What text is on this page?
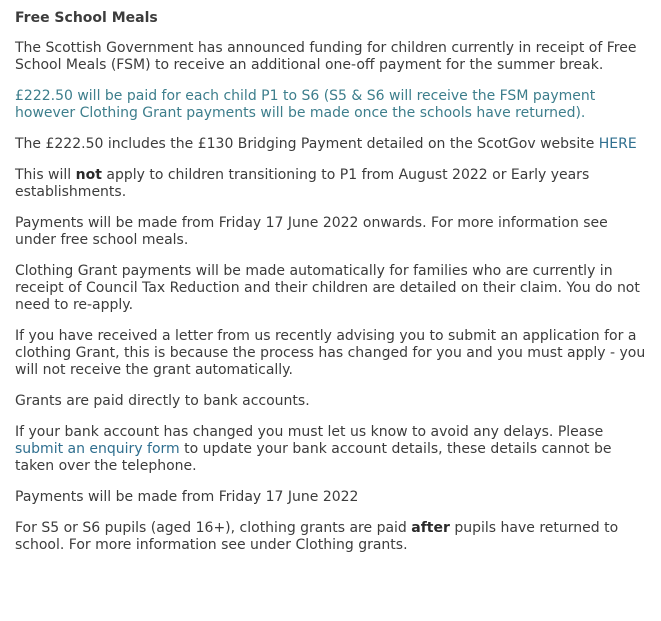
Free School Meals

The Scottish Government has announced funding for children currently in receipt of Free School Meals (FSM) to receive an additional one-off payment for the summer break.

£222.50 will be paid for each child P1 to S6 (S5 & S6 will receive the FSM payment however Clothing Grant payments will be made once the schools have returned).

The £222.50 includes the £130 Bridging Payment detailed on the ScotGov website HERE

This will not apply to children transitioning to P1 from August 2022 or Early years establishments.

Payments will be made from Friday 17 June 2022 onwards. For more information see under free school meals.

Clothing Grant payments will be made automatically for families who are currently in receipt of Council Tax Reduction and their children are detailed on their claim. You do not need to re-apply.

If you have received a letter from us recently advising you to submit an application for a clothing Grant, this is because the process has changed for you and you must apply - you will not receive the grant automatically.

Grants are paid directly to bank accounts.

If your bank account has changed you must let us know to avoid any delays. Please submit an enquiry form to update your bank account details, these details cannot be taken over the telephone.

Payments will be made from Friday 17 June 2022

For S5 or S6 pupils (aged 16+), clothing grants are paid after pupils have returned to school. For more information see under Clothing grants.
